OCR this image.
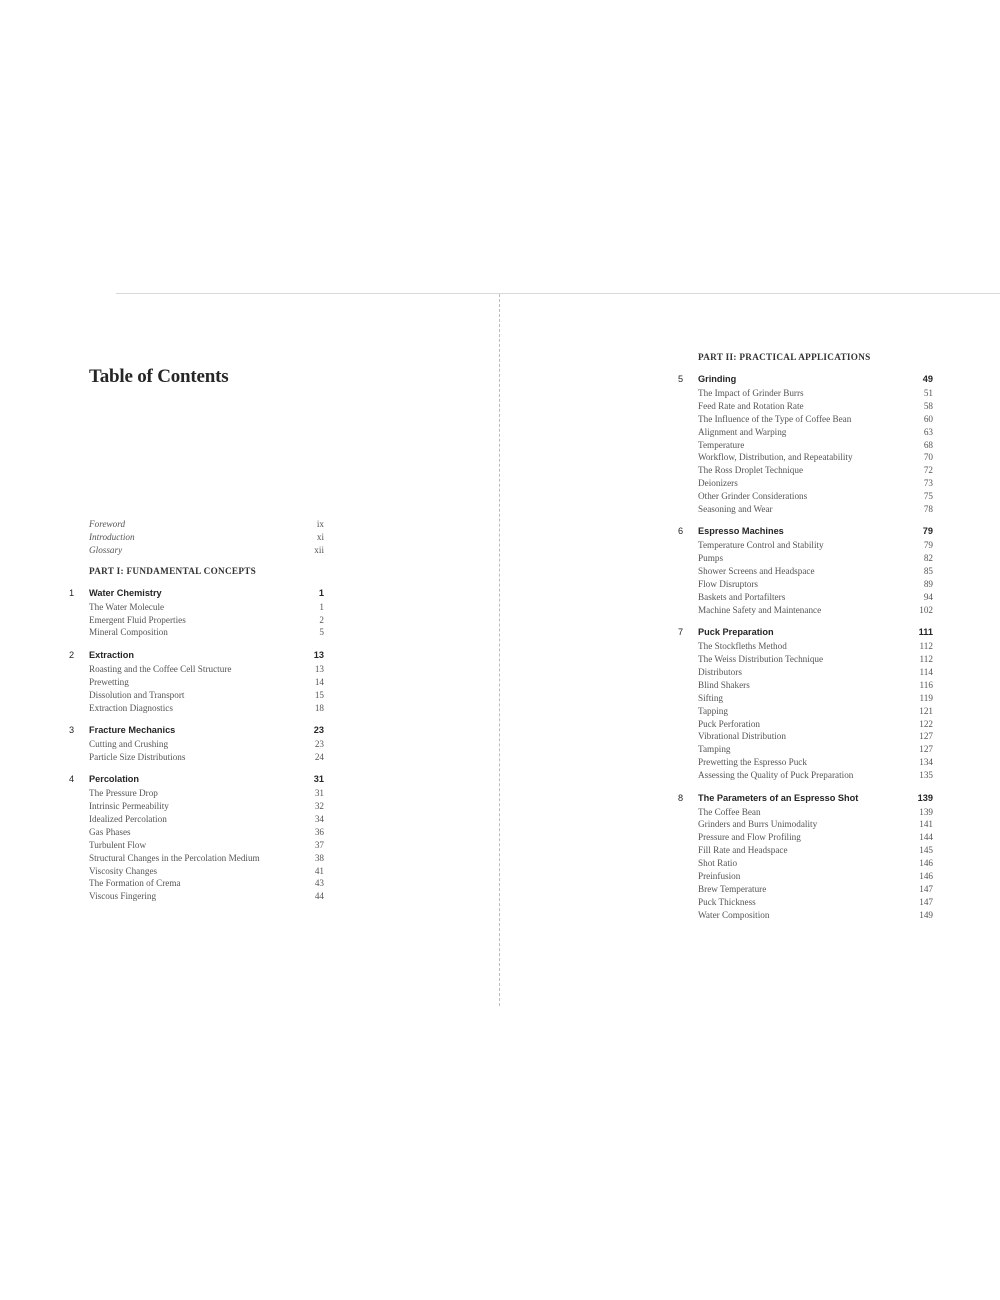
Table of Contents
Foreword	ix
Introduction	xi
Glossary	xii
PART I: FUNDAMENTAL CONCEPTS
1 Water Chemistry	1
The Water Molecule	1
Emergent Fluid Properties	2
Mineral Composition	5
2 Extraction	13
Roasting and the Coffee Cell Structure	13
Prewetting	14
Dissolution and Transport	15
Extraction Diagnostics	18
3 Fracture Mechanics	23
Cutting and Crushing	23
Particle Size Distributions	24
4 Percolation	31
The Pressure Drop	31
Intrinsic Permeability	32
Idealized Percolation	34
Gas Phases	36
Turbulent Flow	37
Structural Changes in the Percolation Medium	38
Viscosity Changes	41
The Formation of Crema	43
Viscous Fingering	44
PART II: PRACTICAL APPLICATIONS
5 Grinding	49
The Impact of Grinder Burrs	51
Feed Rate and Rotation Rate	58
The Influence of the Type of Coffee Bean	60
Alignment and Warping	63
Temperature	68
Workflow, Distribution, and Repeatability	70
The Ross Droplet Technique	72
Deionizers	73
Other Grinder Considerations	75
Seasoning and Wear	78
6 Espresso Machines	79
Temperature Control and Stability	79
Pumps	82
Shower Screens and Headspace	85
Flow Disruptors	89
Baskets and Portafilters	94
Machine Safety and Maintenance	102
7 Puck Preparation	111
The Stockfleths Method	112
The Weiss Distribution Technique	112
Distributors	114
Blind Shakers	116
Sifting	119
Tapping	121
Puck Perforation	122
Vibrational Distribution	127
Tamping	127
Prewetting the Espresso Puck	134
Assessing the Quality of Puck Preparation	135
8 The Parameters of an Espresso Shot	139
The Coffee Bean	139
Grinders and Burrs Unimodality	141
Pressure and Flow Profiling	144
Fill Rate and Headspace	145
Shot Ratio	146
Preinfusion	146
Brew Temperature	147
Puck Thickness	147
Water Composition	149
